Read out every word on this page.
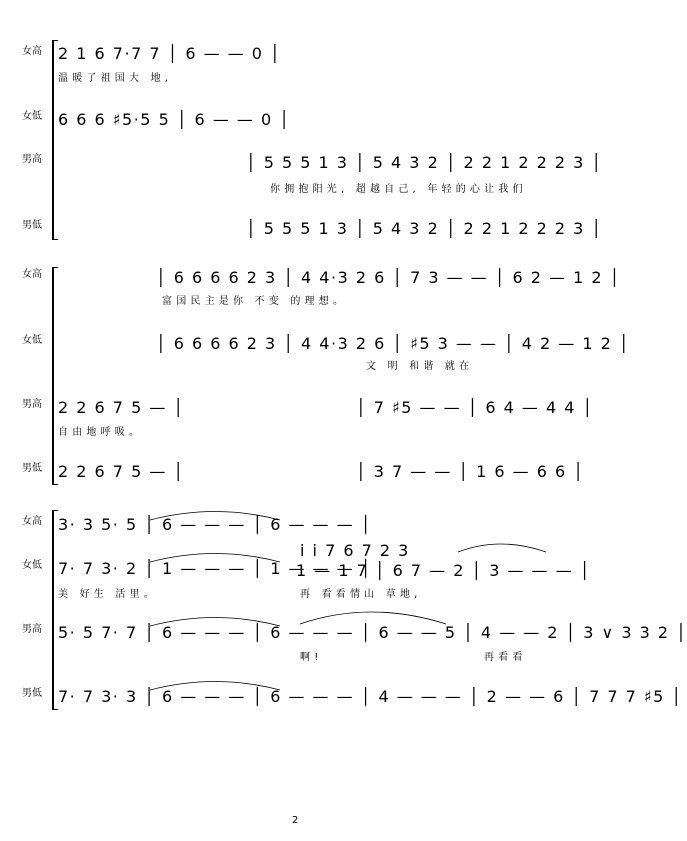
女高
女低
男高
男低
2 1 6 7·7 7 │ 6 — — 0 │
温暖了祖国大 地,
6 6 6 ♯5·5 5 │ 6 — — 0 │
│ 5 5 5 1 3 │ 5 4 3 2 │ 2 2 1 2 2 2 3 │
你拥抱阳光, 超越自己, 年轻的心让我们
│ 5 5 5 1 3 │ 5 4 3 2 │ 2 2 1 2 2 2 3 │
女高
女低
男高
男低
│ 6 6 6 6 2 3 │ 4 4·3 2 6 │ 7 3 — — │ 6 2 — 1 2 │
富国民主是你 不变 的理想。
│ 6 6 6 6 2 3 │ 4 4·3 2 6 │ ♯5 3 — — │ 4 2 — 1 2 │
文 明 和谐 就在
2 2 6 7 5 — │	│ 7 ♯5 — — │ 6 4 — 4 4 │
自由地呼吸。
2 2 6 7 5 — │	│ 3 7 — — │ 1 6 — 6 6 │
女高
女低
男高
男低
3· 3 5· 5 │ 6 — — — │ 6 — — — │
7· 7 3· 2 │ 1 — — — │ 1 — — — │
i i 7 6 7 2 3
1 — 1 7 │ 6 7 — 2 │ 3 — — — │
美 好生 活里。	再 看看情山 草地,
5· 5 7· 7 │ 6 — — — │ 6 — — — │ 6 — — 5 │ 4 — — 2 │ 3 ∨ 3 3 2 │
啊!	再看看
7· 7 3· 3 │ 6 — — — │ 6 — — — │ 4 — — — │ 2 — — 6 │ 7 7 7 ♯5 │
2
